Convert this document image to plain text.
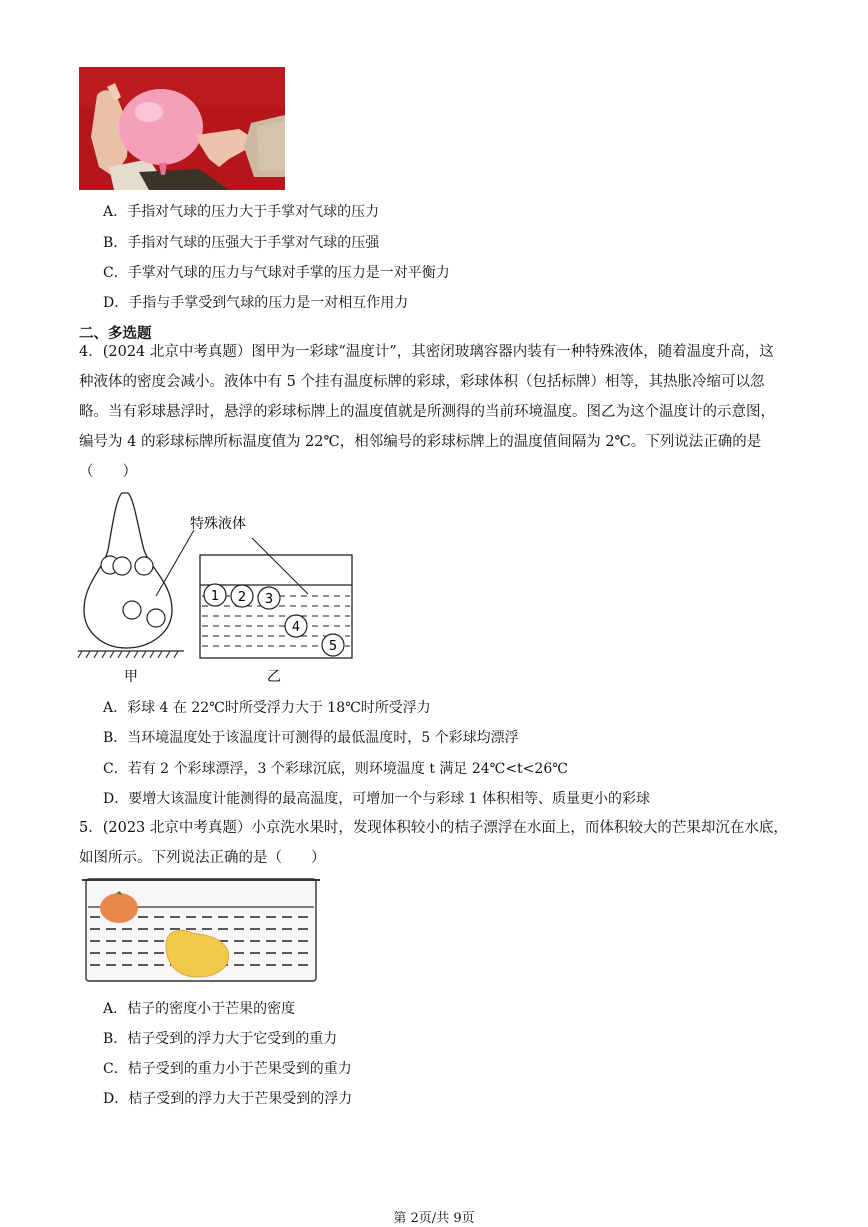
A．手指对气球的压力大于手掌对气球的压力
B．手指对气球的压强大于手掌对气球的压强
C．手掌对气球的压力与气球对手掌的压力是一对平衡力
D．手指与手掌受到气球的压力是一对相互作用力
二、多选题
4．(2024 北京中考真题）图甲为一彩球“温度计”，其密闭玻璃容器内装有一种特殊液体，随着温度升高，这
种液体的密度会减小。液体中有 5 个挂有温度标牌的彩球，彩球体积（包括标牌）相等，其热胀冷缩可以忽
略。当有彩球悬浮时，悬浮的彩球标牌上的温度值就是所测得的当前环境温度。图乙为这个温度计的示意图，
编号为 4 的彩球标牌所标温度值为 22℃，相邻编号的彩球标牌上的温度值间隔为 2℃。下列说法正确的是
（　　）
1 2 3
4
5
特殊液体
甲	乙
A．彩球 4 在 22℃时所受浮力大于 18℃时所受浮力
B．当环境温度处于该温度计可测得的最低温度时，5 个彩球均漂浮
C．若有 2 个彩球漂浮，3 个彩球沉底，则环境温度 t 满足 24℃<t<26℃
D．要增大该温度计能测得的最高温度，可增加一个与彩球 1 体积相等、质量更小的彩球
5．(2023 北京中考真题）小京洗水果时，发现体积较小的桔子漂浮在水面上，而体积较大的芒果却沉在水底，
如图所示。下列说法正确的是（　　）
A．桔子的密度小于芒果的密度
B．桔子受到的浮力大于它受到的重力
C．桔子受到的重力小于芒果受到的重力
D．桔子受到的浮力大于芒果受到的浮力
第 2页/共 9页
